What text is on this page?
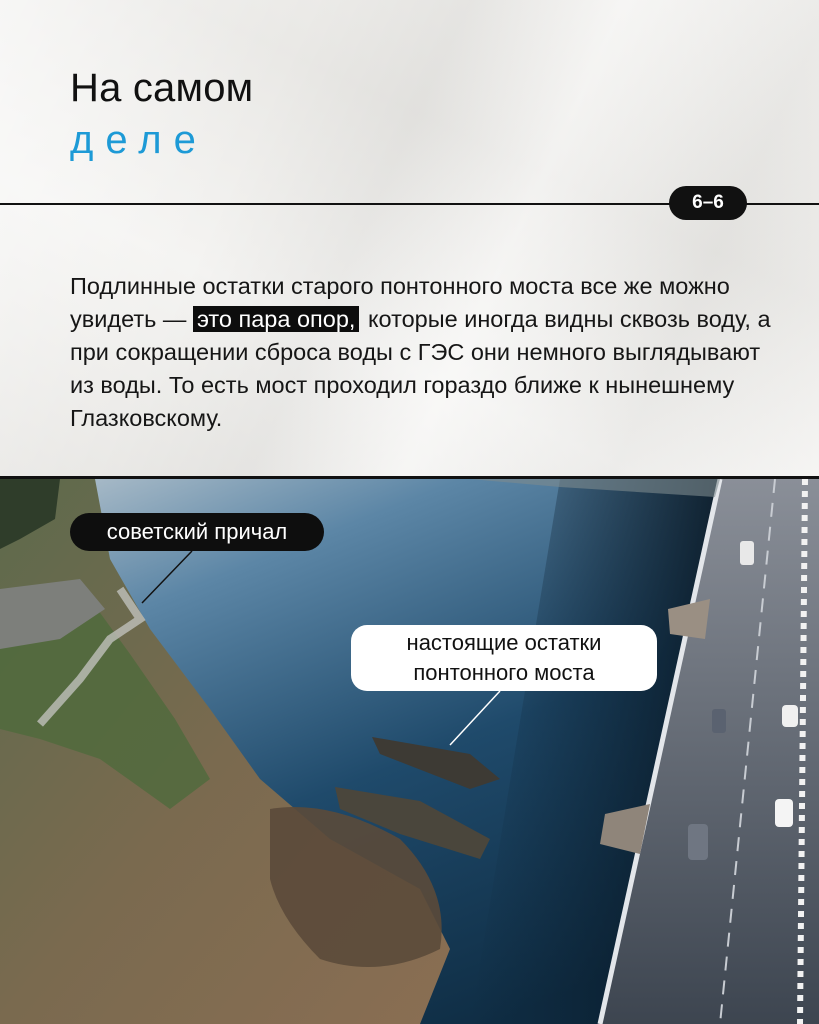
На самом
деле
6–6
Подлинные остатки старого понтонного моста все же можно увидеть — это пара опор, которые иногда видны сквозь воду, а при сокращении сброса воды с ГЭС они немного выглядывают из воды. То есть мост проходил гораздо ближе к нынешнему Глазковскому.
советский причал
настоящие остатки
понтонного моста
